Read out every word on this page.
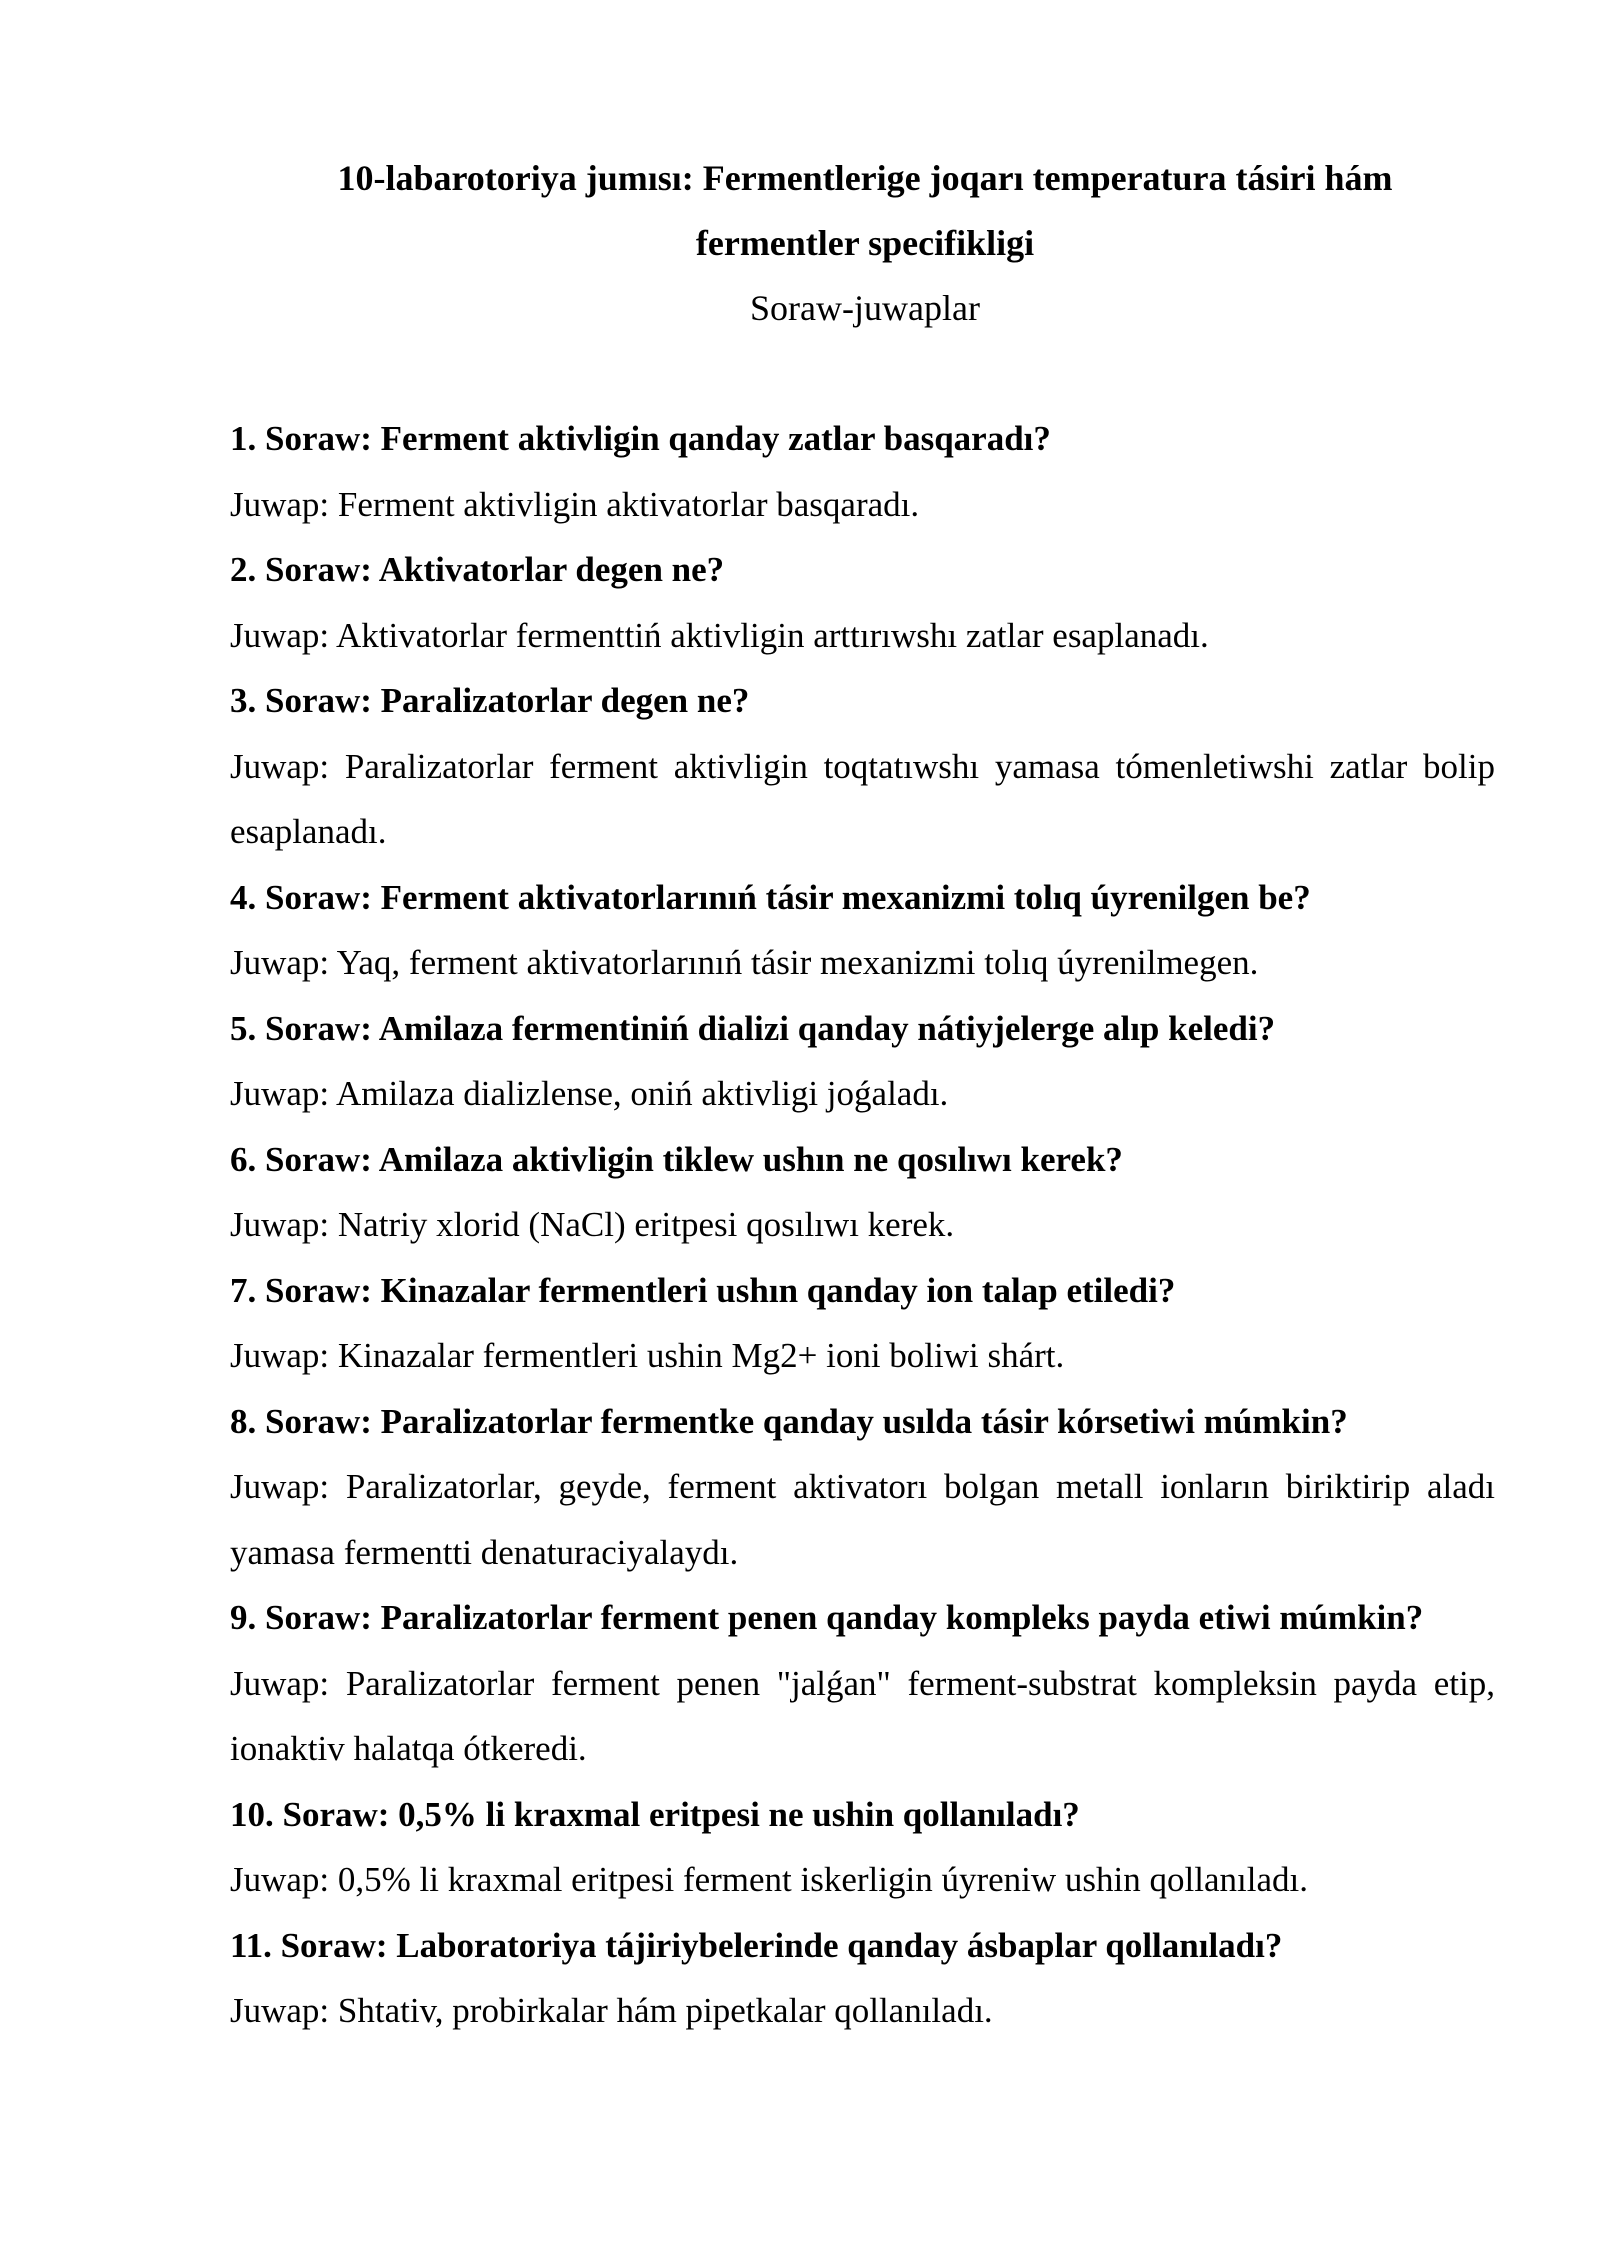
10-labarotoriya jumısı: Fermentlerige joqarı temperatura tásiri hám
fermentler specifikligi
Soraw-juwaplar
1. Soraw: Ferment aktivligin qanday zatlar basqaradı?
Juwap: Ferment aktivligin aktivatorlar basqaradı.
2. Soraw: Aktivatorlar degen ne?
Juwap: Aktivatorlar fermenttiń aktivligin arttırıwshı zatlar esaplanadı.
3. Soraw: Paralizatorlar degen ne?
Juwap: Paralizatorlar ferment aktivligin toqtatıwshı yamasa tómenletiwshi zatlar bolip esaplanadı.
4. Soraw: Ferment aktivatorlarınıń tásir mexanizmi tolıq úyrenilgen be?
Juwap: Yaq, ferment aktivatorlarınıń tásir mexanizmi tolıq úyrenilmegen.
5. Soraw: Amilaza fermentiniń dializi qanday nátiyjelerge alıp keledi?
Juwap: Amilaza dializlense, oniń aktivligi joǵaladı.
6. Soraw: Amilaza aktivligin tiklew ushın ne qosılıwı kerek?
Juwap: Natriy xlorid (NaCl) eritpesi qosılıwı kerek.
7. Soraw: Kinazalar fermentleri ushın qanday ion talap etiledi?
Juwap: Kinazalar fermentleri ushin Mg2+ ioni boliwi shárt.
8. Soraw: Paralizatorlar fermentke qanday usılda tásir kórsetiwi múmkin?
Juwap: Paralizatorlar, geyde, ferment aktivatorı bolgan metall ionların biriktirip aladı yamasa fermentti denaturaciyalaydı.
9. Soraw: Paralizatorlar ferment penen qanday kompleks payda etiwi múmkin?
Juwap: Paralizatorlar ferment penen "jalǵan" ferment-substrat kompleksin payda etip, ionaktiv halatqa ótkeredi.
10. Soraw: 0,5% li kraxmal eritpesi ne ushin qollanıladı?
Juwap: 0,5% li kraxmal eritpesi ferment iskerligin úyreniw ushin qollanıladı.
11. Soraw: Laboratoriya tájiriybelerinde qanday ásbaplar qollanıladı?
Juwap: Shtativ, probirkalar hám pipetkalar qollanıladı.
